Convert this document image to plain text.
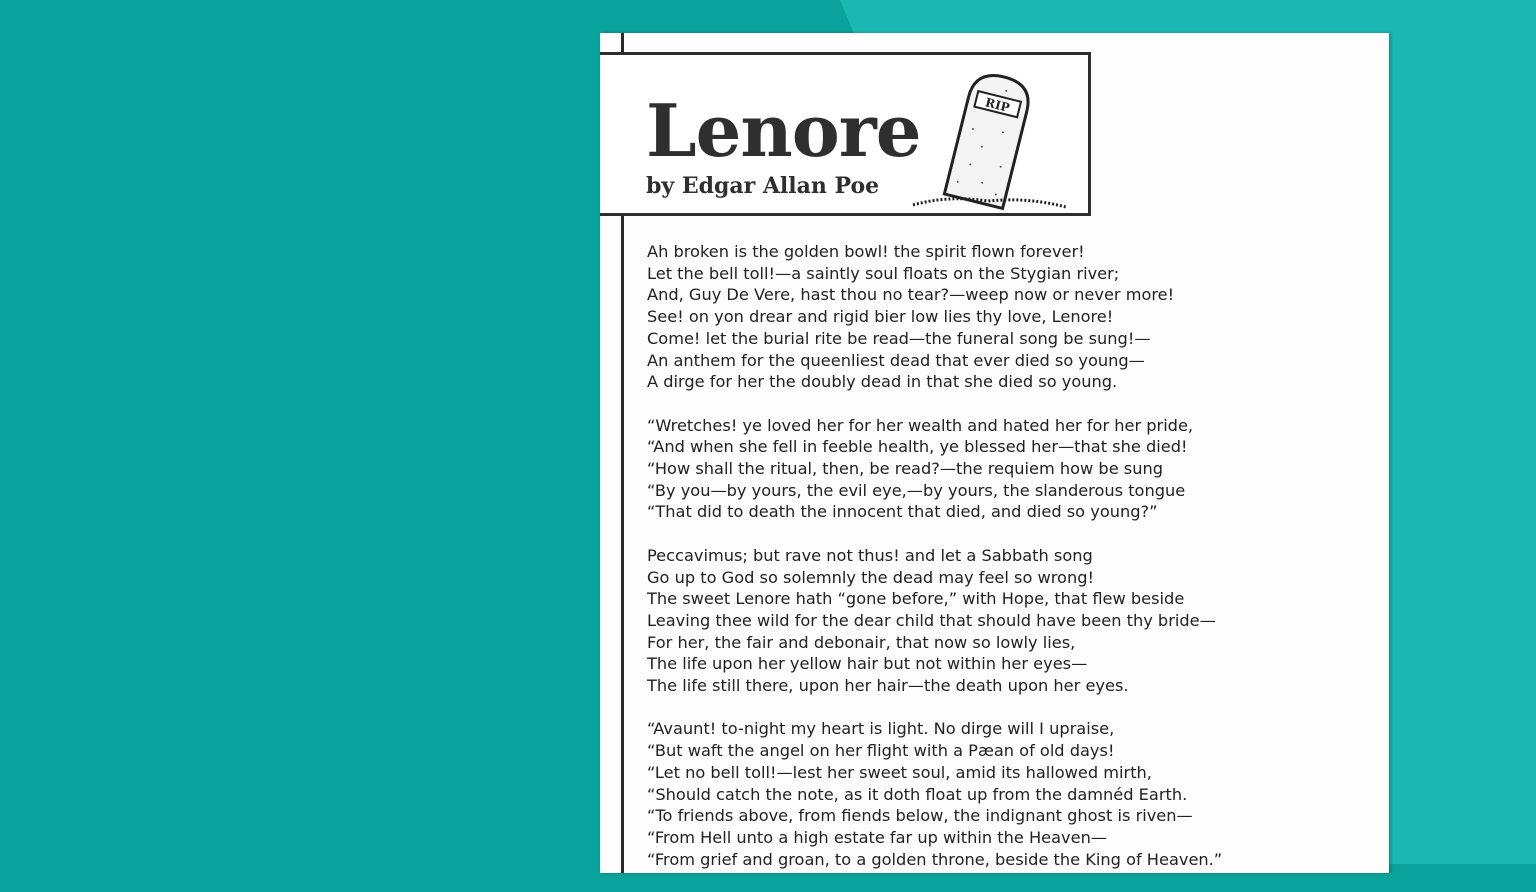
Lenore
by Edgar Allan Poe
RIP
Ah broken is the golden bowl! the spirit flown forever!
Let the bell toll!—a saintly soul floats on the Stygian river;
And, Guy De Vere, hast thou no tear?—weep now or never more!
See! on yon drear and rigid bier low lies thy love, Lenore!
Come! let the burial rite be read—the funeral song be sung!—
An anthem for the queenliest dead that ever died so young—
A dirge for her the doubly dead in that she died so young.
“Wretches! ye loved her for her wealth and hated her for her pride,
“And when she fell in feeble health, ye blessed her—that she died!
“How shall the ritual, then, be read?—the requiem how be sung
“By you—by yours, the evil eye,—by yours, the slanderous tongue
“That did to death the innocent that died, and died so young?”
Peccavimus; but rave not thus! and let a Sabbath song
Go up to God so solemnly the dead may feel so wrong!
The sweet Lenore hath “gone before,” with Hope, that flew beside
Leaving thee wild for the dear child that should have been thy bride—
For her, the fair and debonair, that now so lowly lies,
The life upon her yellow hair but not within her eyes—
The life still there, upon her hair—the death upon her eyes.
“Avaunt! to-night my heart is light. No dirge will I upraise,
“But waft the angel on her flight with a Pæan of old days!
“Let no bell toll!—lest her sweet soul, amid its hallowed mirth,
“Should catch the note, as it doth float up from the damnéd Earth.
“To friends above, from fiends below, the indignant ghost is riven—
“From Hell unto a high estate far up within the Heaven—
“From grief and groan, to a golden throne, beside the King of Heaven.”
